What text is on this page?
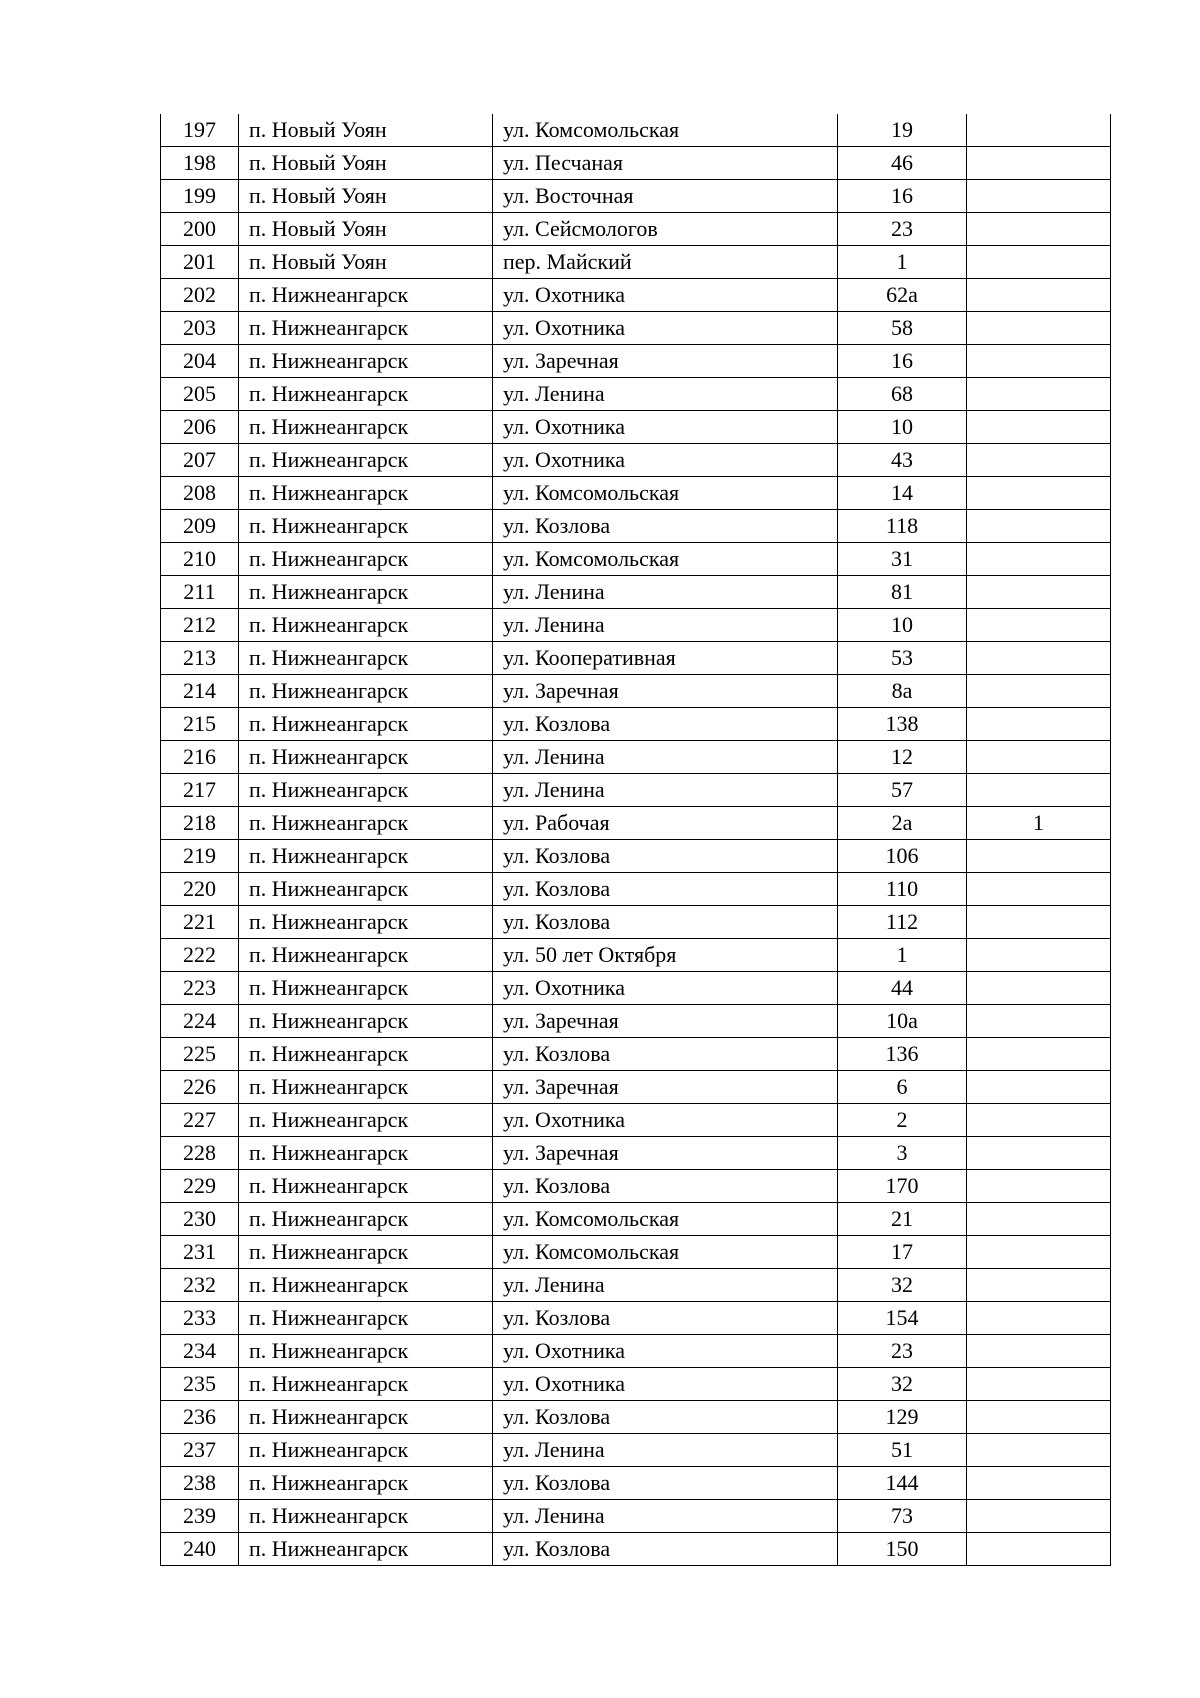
197	п. Новый Уоян	ул. Комсомольская	19	
198	п. Новый Уоян	ул. Песчаная	46	
199	п. Новый Уоян	ул. Восточная	16	
200	п. Новый Уоян	ул. Сейсмологов	23	
201	п. Новый Уоян	пер. Майский	1	
202	п. Нижнеангарск	ул. Охотника	62а	
203	п. Нижнеангарск	ул. Охотника	58	
204	п. Нижнеангарск	ул. Заречная	16	
205	п. Нижнеангарск	ул. Ленина	68	
206	п. Нижнеангарск	ул. Охотника	10	
207	п. Нижнеангарск	ул. Охотника	43	
208	п. Нижнеангарск	ул. Комсомольская	14	
209	п. Нижнеангарск	ул. Козлова	118	
210	п. Нижнеангарск	ул. Комсомольская	31	
211	п. Нижнеангарск	ул. Ленина	81	
212	п. Нижнеангарск	ул. Ленина	10	
213	п. Нижнеангарск	ул. Кооперативная	53	
214	п. Нижнеангарск	ул. Заречная	8а	
215	п. Нижнеангарск	ул. Козлова	138	
216	п. Нижнеангарск	ул. Ленина	12	
217	п. Нижнеангарск	ул. Ленина	57	
218	п. Нижнеангарск	ул. Рабочая	2а	1
219	п. Нижнеангарск	ул. Козлова	106	
220	п. Нижнеангарск	ул. Козлова	110	
221	п. Нижнеангарск	ул. Козлова	112	
222	п. Нижнеангарск	ул. 50 лет Октября	1	
223	п. Нижнеангарск	ул. Охотника	44	
224	п. Нижнеангарск	ул. Заречная	10а	
225	п. Нижнеангарск	ул. Козлова	136	
226	п. Нижнеангарск	ул. Заречная	6	
227	п. Нижнеангарск	ул. Охотника	2	
228	п. Нижнеангарск	ул. Заречная	3	
229	п. Нижнеангарск	ул. Козлова	170	
230	п. Нижнеангарск	ул. Комсомольская	21	
231	п. Нижнеангарск	ул. Комсомольская	17	
232	п. Нижнеангарск	ул. Ленина	32	
233	п. Нижнеангарск	ул. Козлова	154	
234	п. Нижнеангарск	ул. Охотника	23	
235	п. Нижнеангарск	ул. Охотника	32	
236	п. Нижнеангарск	ул. Козлова	129	
237	п. Нижнеангарск	ул. Ленина	51	
238	п. Нижнеангарск	ул. Козлова	144	
239	п. Нижнеангарск	ул. Ленина	73	
240	п. Нижнеангарск	ул. Козлова	150	
